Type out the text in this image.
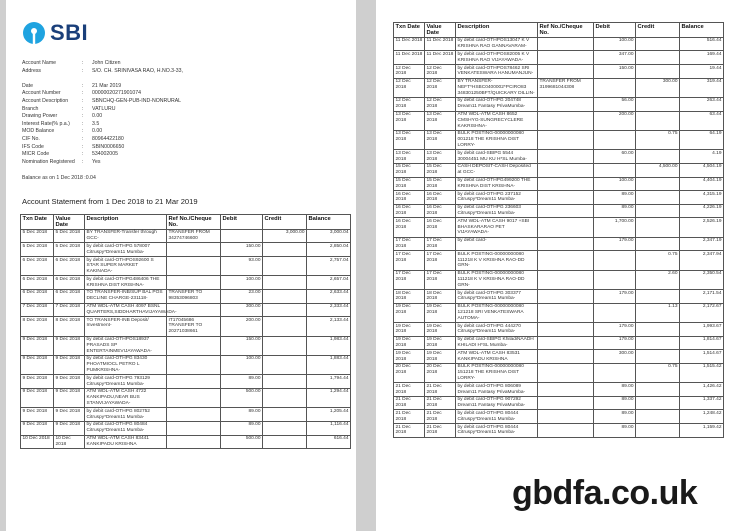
SBI
Account Name	:	John Citizen
Address	:	S/O. CH. SRINIVASA RAO, H.NO.3-33,
Date	:	21 Mar 2019
Account Number	:	00000020271901074
Account Description	:	SBNCHQ-GEN-PUB-IND-NONRURAL
Branch	:	VATLURU
Drawing Power	:	0.00
Interest Rate(% p.a.)	:	3.5
MOD Balance	:	0.00
CIF No.	:	80964422180
IFS Code	:	SBIN0006650
MICR Code	:	534002005
Nomination Registered	:	Yes
Balance as on 1 Dec 2018 :0.04
Account Statement from 1 Dec 2018 to 21 Mar 2019
Txn Date	Value Date	Description	Ref No./Cheque No.	Debit	Credit	Balance
5 Dec 2018	5 Dec 2018	BY TRANSFER-Transfer through GCC-	TRANSFER FROM 34274746600		3,000.00	3,000.04
5 Dec 2018	5 Dec 2018	by debit card-OTHPG 578007 Citruspy*Dream11 Mumba-		150.00		2,850.04
6 Dec 2018	6 Dec 2018	by debit card-OTHPOS92600 S STAR SUPER MARKET KAKINADA-		93.00		2,757.04
6 Dec 2018	6 Dec 2018	by debit card-OTHPG486406 THE KRISHNA DIST KRISHNA-		100.00		2,657.04
6 Dec 2018	6 Dec 2018	TO TRANSFER-INB/SUP BAL POS DECLINE CHARGE-231118-	TRANSFER TO 98353096803	23.00		2,633.44
7 Dec 2018	7 Dec 2018	ATM WDL-ATM CASH 4097 BSNL QUARTERS,SIDDHARTHAVIJAYAWADA-		300.00		2,333.44
8 Dec 2018	8 Dec 2018	TO TRANSFER-INB Deposit/ Investment-	IT17045686 TRANSFER TO 20271038661	200.00		2,133.44
9 Dec 2018	9 Dec 2018	by debit card-OTHPOS18937 PRASADS SP ENTERTAINMEVIJAYAWADA-		150.00		1,983.44
9 Dec 2018	9 Dec 2018	by debit card-OTHPG 83430 PHOATMIOCL PETRO L PUMKRISHNA-		100.00		1,883.44
9 Dec 2018	9 Dec 2018	by debit card-OTHPG 793129 Citruspy*Dream11 Mumba-		89.00		1,794.44
9 Dec 2018	9 Dec 2018	ATM WDL-ATM CASH 4722 KANKIPADU,NEAR BUS STANVIJAYAWADA-		500.00		1,294.44
9 Dec 2018	9 Dec 2018	by debit card-OTHPG 802752 Citruspy*Dream11 Mumba-		89.00		1,205.44
9 Dec 2018	9 Dec 2018	by debit card-OTHPG 80484 Citruspy*Dream11 Mumba-		89.00		1,116.44
10 Dec 2018	10 Dec 2018	ATM WDL-ATM CASH 83441 KANKIPADU KRISHNA		500.00		616.44
Txn Date	Value Date	Description	Ref No./Cheque No.	Debit	Credit	Balance
11 Dec 2018	11 Dec 2018	by debit card-OTHPOS13047 K V KRISHNA RAO GANNAVARAM-		100.00		516.44
11 Dec 2018	11 Dec 2018	by debit card-OTHPOS82005 K V KRISHNA RAO VIJAYAWADA-		347.00		169.44
12 Dec 2018	12 Dec 2018	by debit card-OTHPOS78462 SRI VENKATESWARA HANUMANJUN-		150.00		19.44
12 Dec 2018	12 Dec 2018	BY TRANSFER-NEFT*HSBC0400002*PCIRO83 348301250BFT/QUICKARY DILLIN-	TRANSFER FROM 3199681044308		300.00	319.44
12 Dec 2018	12 Dec 2018	by debit card-OTHPG 204748 Dream11 Fantasy PrivaMumba-		56.00		263.44
13 Dec 2018	13 Dec 2018	ATM WDL-ATM CASH 8652 CMSHYG-SUNGRECYCLERE KAKRISHNA-		200.00		63.44
13 Dec 2018	13 Dec 2018	BULK POSTING-00000000080 001218 THE KRISHNA DIST LORRY-			0.75	64.19
13 Dec 2018	13 Dec 2018	by debit card-SBIPG 5544 30004451 MU KU H*SL Mumba-		60.00		4.19
15 Dec 2018	15 Dec 2018	CASH DEPOSIT-CASH Deposited at GCC-			4,500.00	4,504.19
15 Dec 2018	15 Dec 2018	by debit card-OTHPG499200 THE KRISHNA DIST KRISHNA-		100.00		4,404.19
16 Dec 2018	16 Dec 2018	by debit card-OTHPG 237152 Citruspy*Dream11 Mumba-		89.00		4,315.19
16 Dec 2018	16 Dec 2018	by debit card-OTHPG 236603 Citruspy*Dream11 Mumba-		89.00		4,226.19
16 Dec 2018	16 Dec 2018	ATM WDL-ATM CASH 9017 +SBI BHASKARARAO PET VIJAYAWADA-		1,700.00		2,526.19
17 Dec 2018	17 Dec 2018	by debit card-		179.00		2,347.19
17 Dec 2018	17 Dec 2018	BULK POSTING-00000000080 111218 K V KRISHNA RAO-DD GRN-			0.75	2,347.94
17 Dec 2018	17 Dec 2018	BULK POSTING-00000000080 111218 K V KRISHNA RAO-DD GRN-			2.60	2,350.54
18 Dec 2018	18 Dec 2018	by debit card-OTHPG 303377 Citruspy*Dream11 Mumba-		179.00		2,171.54
19 Dec 2018	19 Dec 2018	BULK POSTING-00000000080 121218 SRI VENKATESWARA AUTOMA-			1.13	2,172.67
19 Dec 2018	19 Dec 2018	by debit card-OTHPG 444270 Citruspy*Dream11 Mumba-		179.00		1,993.67
19 Dec 2018	19 Dec 2018	by debit card-SBIPG KhiladiNAADH KHILADI H*SL Mumba-		179.00		1,814.67
19 Dec 2018	19 Dec 2018	ATM WDL-ATM CASH 83531 KANKIPADU KRISHNA		300.00		1,514.67
20 Dec 2018	20 Dec 2018	BULK POSTING-00000000080 151218 THE KRISHNA DIST LORRY-			0.75	1,515.42
21 Dec 2018	21 Dec 2018	by debit card-OTHPG 806089 Dream11 Fantasy PrivaMumba-		89.00		1,426.42
21 Dec 2018	21 Dec 2018	by debit card-OTHPG 907292 Dream11 Fantasy PrivaMumba-		89.00		1,337.42
21 Dec 2018	21 Dec 2018	by debit card-OTHPG 80444 Citruspy*Dream11 Mumba-		89.00		1,248.42
21 Dec 2018	21 Dec 2018	by debit card-OTHPG 80444 Citruspy*Dream11 Mumba-		89.00		1,159.42
gbdfa.co.uk
